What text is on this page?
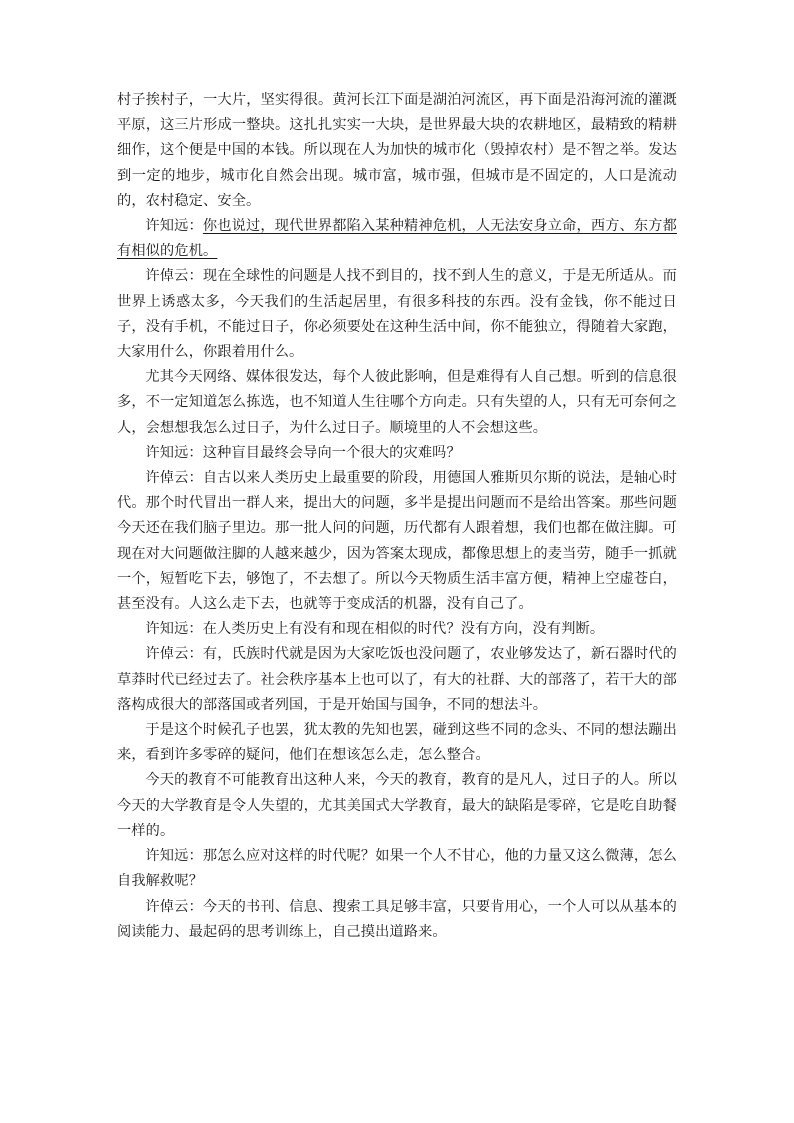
村子挨村子，一大片，坚实得很。黄河长江下面是湖泊河流区，再下面是沿海河流的灌溉平原，这三片形成一整块。这扎扎实实一大块，是世界最大块的农耕地区，最精致的精耕细作，这个便是中国的本钱。所以现在人为加快的城市化（毁掉农村）是不智之举。发达到一定的地步，城市化自然会出现。城市富，城市强，但城市是不固定的，人口是流动的，农村稳定、安全。

许知远：你也说过，现代世界都陷入某种精神危机，人无法安身立命，西方、东方都有相似的危机。

许倬云：现在全球性的问题是人找不到目的，找不到人生的意义，于是无所适从。而世界上诱惑太多，今天我们的生活起居里，有很多科技的东西。没有金钱，你不能过日子，没有手机，不能过日子，你必须要处在这种生活中间，你不能独立，得随着大家跑，大家用什么，你跟着用什么。

尤其今天网络、媒体很发达，每个人彼此影响，但是难得有人自己想。听到的信息很多，不一定知道怎么拣选，也不知道人生往哪个方向走。只有失望的人，只有无可奈何之人，会想想我怎么过日子，为什么过日子。顺境里的人不会想这些。

许知远：这种盲目最终会导向一个很大的灾难吗？

许倬云：自古以来人类历史上最重要的阶段，用德国人雅斯贝尔斯的说法，是轴心时代。那个时代冒出一群人来，提出大的问题，多半是提出问题而不是给出答案。那些问题今天还在我们脑子里边。那一批人问的问题，历代都有人跟着想，我们也都在做注脚。可现在对大问题做注脚的人越来越少，因为答案太现成，都像思想上的麦当劳，随手一抓就一个，短暂吃下去，够饱了，不去想了。所以今天物质生活丰富方便，精神上空虚苍白，甚至没有。人这么走下去，也就等于变成活的机器，没有自己了。

许知远：在人类历史上有没有和现在相似的时代？没有方向，没有判断。

许倬云：有，氏族时代就是因为大家吃饭也没问题了，农业够发达了，新石器时代的草莽时代已经过去了。社会秩序基本上也可以了，有大的社群、大的部落了，若干大的部落构成很大的部落国或者列国，于是开始国与国争，不同的想法斗。

于是这个时候孔子也罢，犹太教的先知也罢，碰到这些不同的念头、不同的想法蹦出来，看到许多零碎的疑问，他们在想该怎么走，怎么整合。

今天的教育不可能教育出这种人来，今天的教育，教育的是凡人，过日子的人。所以今天的大学教育是令人失望的，尤其美国式大学教育，最大的缺陷是零碎，它是吃自助餐一样的。

许知远：那怎么应对这样的时代呢？如果一个人不甘心，他的力量又这么微薄，怎么自我解救呢？

许倬云：今天的书刊、信息、搜索工具足够丰富，只要肯用心，一个人可以从基本的阅读能力、最起码的思考训练上，自己摸出道路来。
